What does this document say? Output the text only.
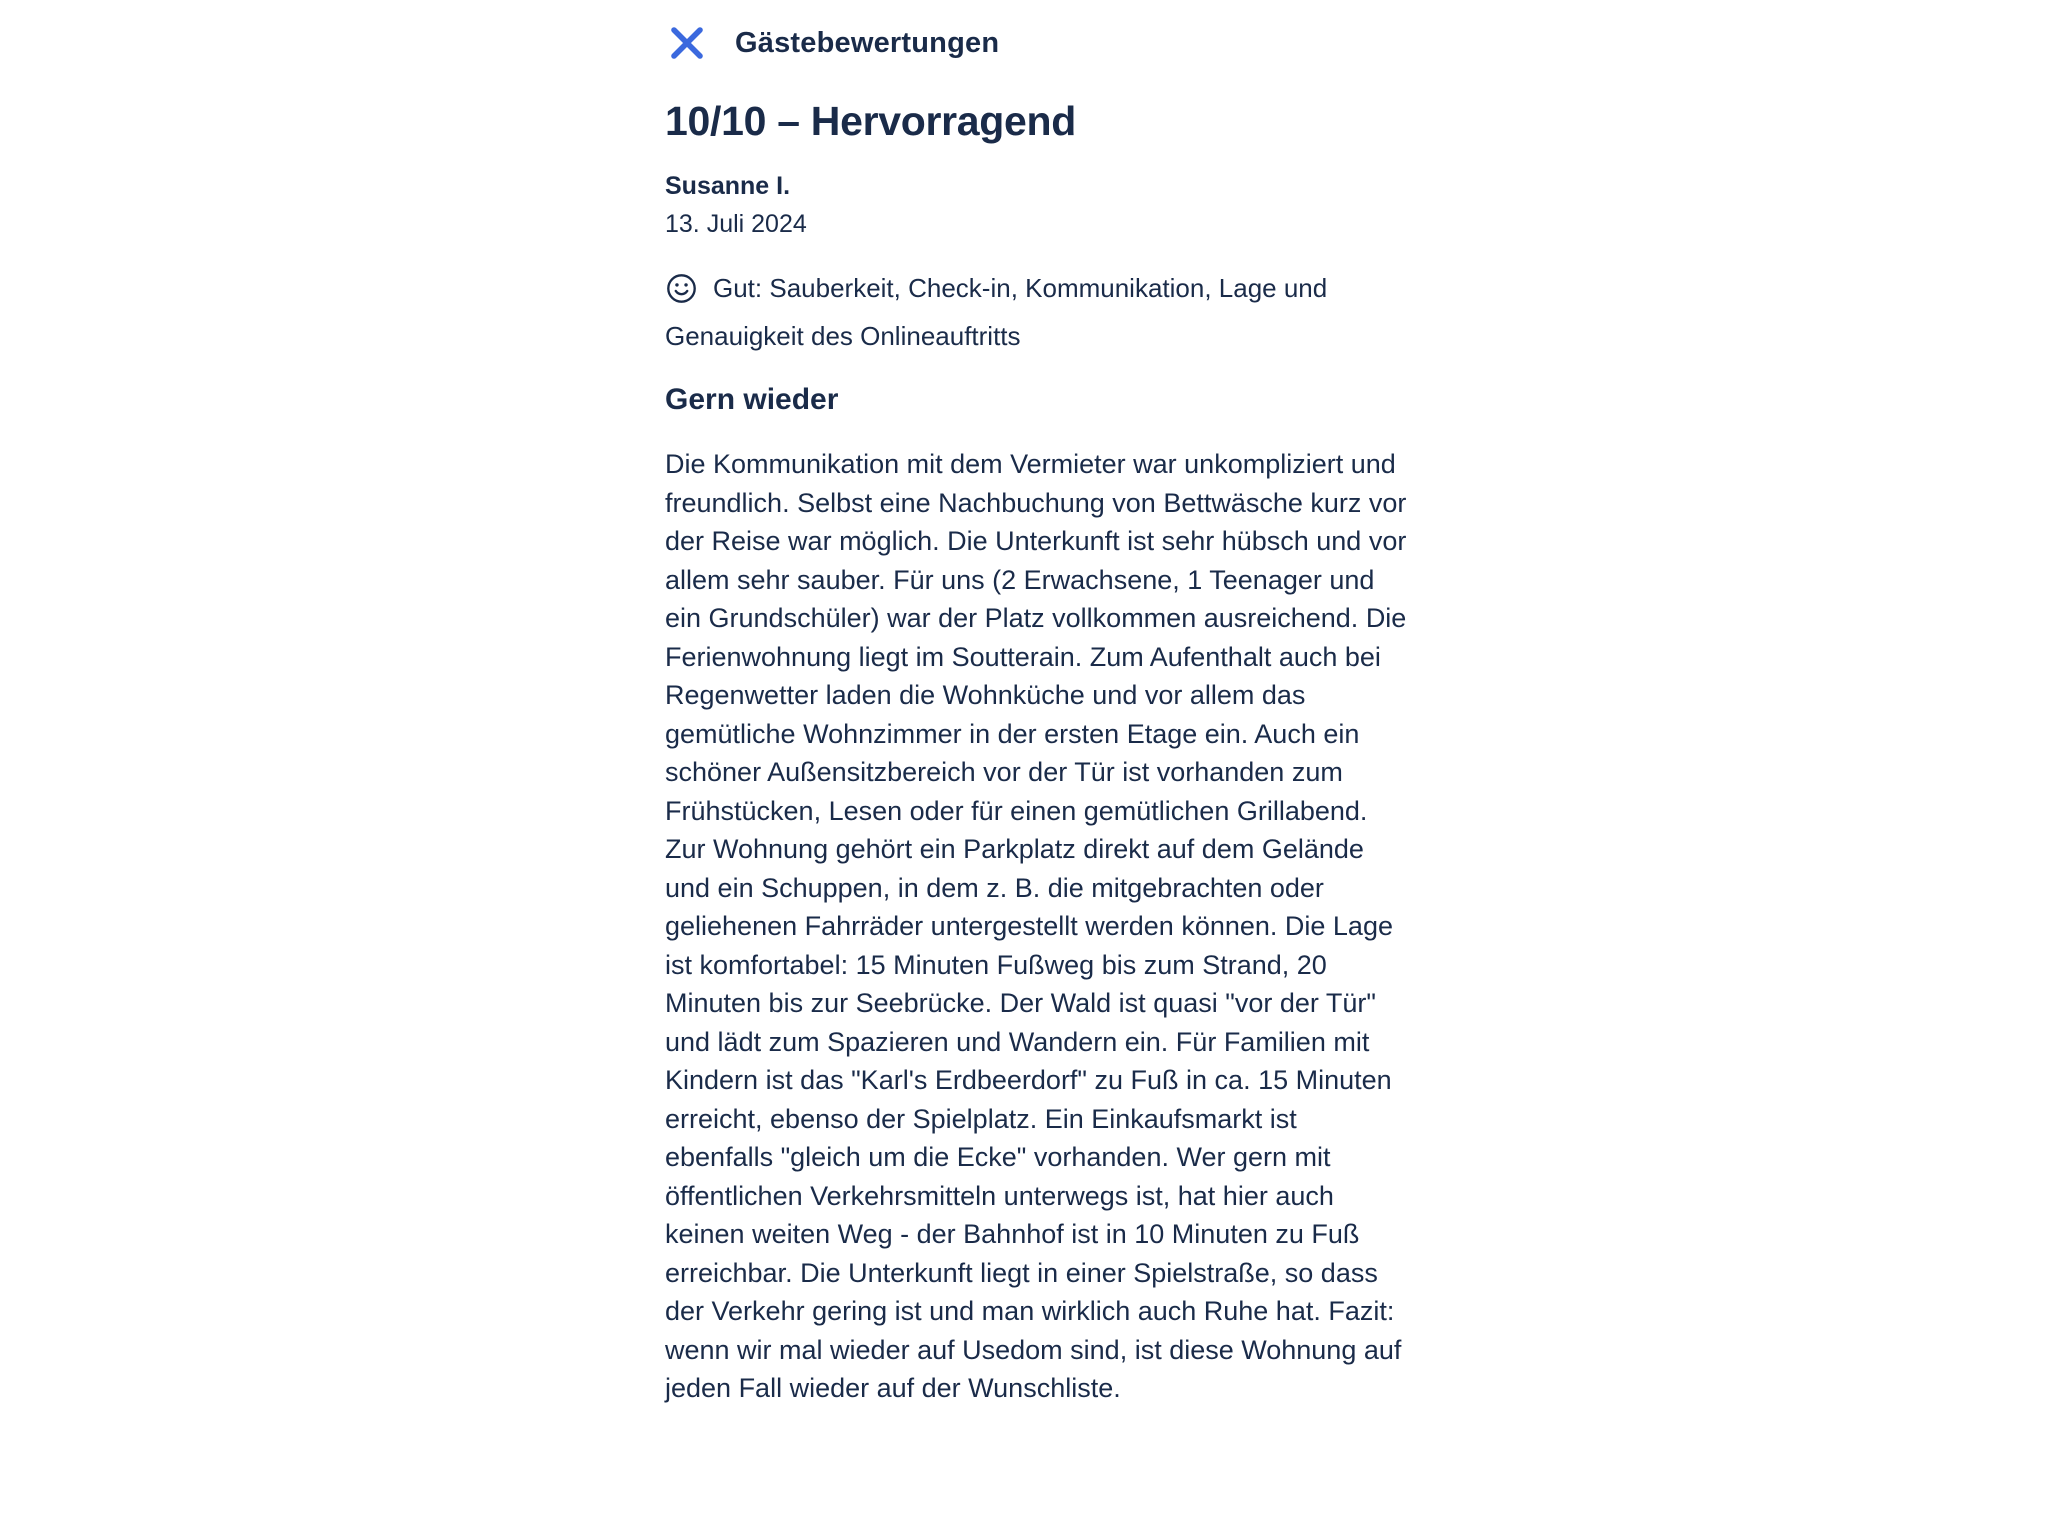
Gästebewertungen
10/10 – Hervorragend
Susanne I.
13. Juli 2024

Gut: Sauberkeit, Check-in, Kommunikation, Lage und Genauigkeit des Onlineauftritts

Gern wieder

Die Kommunikation mit dem Vermieter war unkompliziert und freundlich. Selbst eine Nachbuchung von Bettwäsche kurz vor der Reise war möglich. Die Unterkunft ist sehr hübsch und vor allem sehr sauber. Für uns (2 Erwachsene, 1 Teenager und ein Grundschüler) war der Platz vollkommen ausreichend. Die Ferienwohnung liegt im Soutterain. Zum Aufenthalt auch bei Regenwetter laden die Wohnküche und vor allem das gemütliche Wohnzimmer in der ersten Etage ein. Auch ein schöner Außensitzbereich vor der Tür ist vorhanden zum Frühstücken, Lesen oder für einen gemütlichen Grillabend. Zur Wohnung gehört ein Parkplatz direkt auf dem Gelände und ein Schuppen, in dem z. B. die mitgebrachten oder geliehenen Fahrräder untergestellt werden können. Die Lage ist komfortabel: 15 Minuten Fußweg bis zum Strand, 20 Minuten bis zur Seebrücke. Der Wald ist quasi "vor der Tür" und lädt zum Spazieren und Wandern ein. Für Familien mit Kindern ist das "Karl's Erdbeerdorf" zu Fuß in ca. 15 Minuten erreicht, ebenso der Spielplatz. Ein Einkaufsmarkt ist ebenfalls "gleich um die Ecke" vorhanden. Wer gern mit öffentlichen Verkehrsmitteln unterwegs ist, hat hier auch keinen weiten Weg - der Bahnhof ist in 10 Minuten zu Fuß erreichbar. Die Unterkunft liegt in einer Spielstraße, so dass der Verkehr gering ist und man wirklich auch Ruhe hat. Fazit: wenn wir mal wieder auf Usedom sind, ist diese Wohnung auf jeden Fall wieder auf der Wunschliste.
